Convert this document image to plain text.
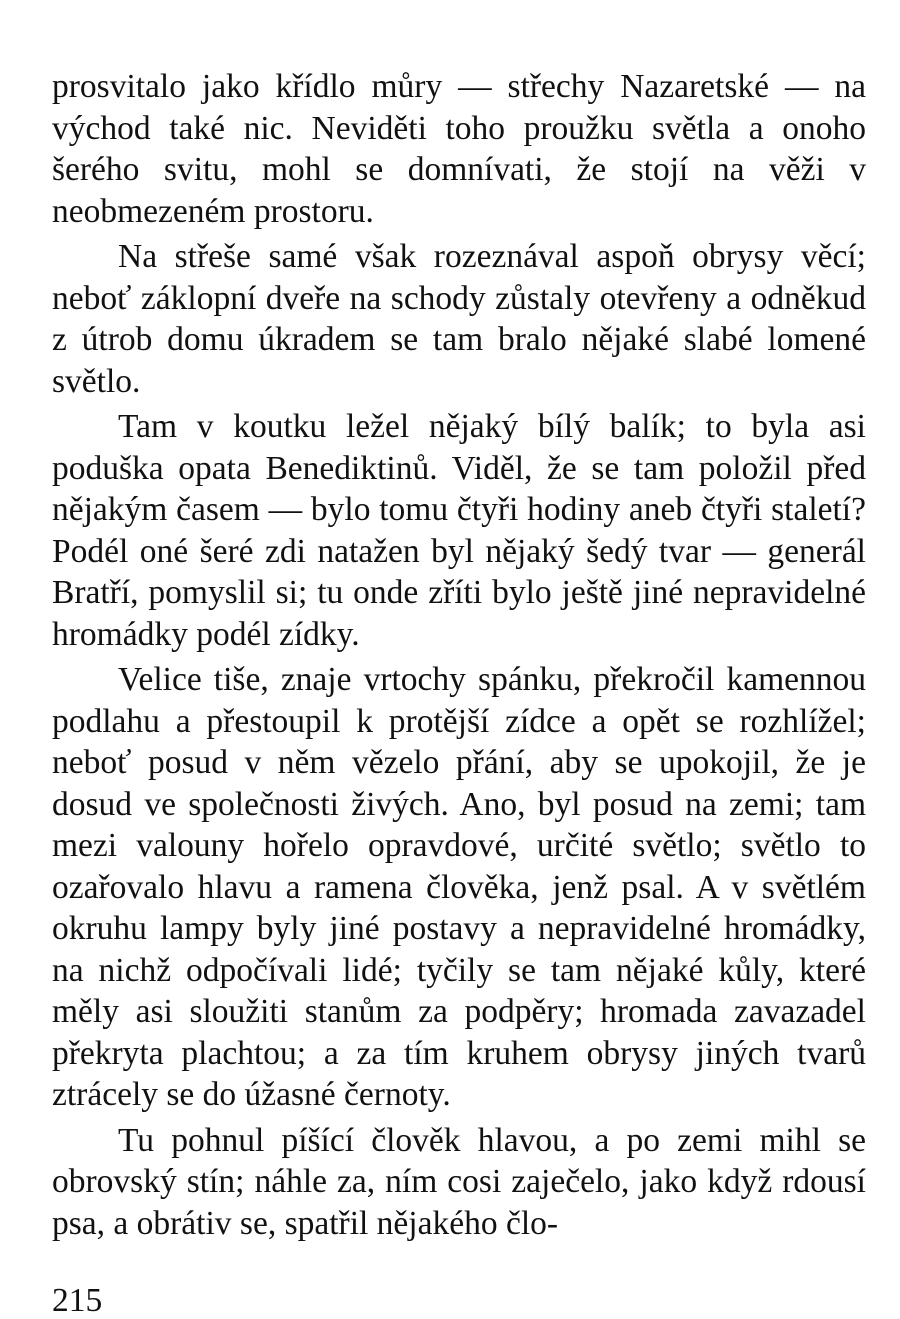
prosvitalo jako křídlo můry — střechy Nazaretské — na východ také nic. Neviděti toho proužku světla a onoho šerého svitu, mohl se domnívati, že stojí na věži v neobmezeném prostoru.

Na střeše samé však rozeznával aspoň obrysy věcí; neboť záklopní dveře na schody zůstaly otevřeny a odněkud z útrob domu úkradem se tam bralo nějaké slabé lomené světlo.

Tam v koutku ležel nějaký bílý balík; to byla asi poduška opata Benediktinů. Viděl, že se tam položil před nějakým časem — bylo tomu čtyři hodiny aneb čtyři staletí? Podél oné šeré zdi natažen byl nějaký šedý tvar — generál Bratří, pomyslil si; tu onde zříti bylo ještě jiné nepravidelné hromádky podél zídky.

Velice tiše, znaje vrtochy spánku, překročil kamennou podlahu a přestoupil k protější zídce a opět se rozhlížel; neboť posud v něm vězelo přání, aby se upokojil, že je dosud ve společnosti živých. Ano, byl posud na zemi; tam mezi valouny hořelo opravdové, určité světlo; světlo to ozařovalo hlavu a ramena člověka, jenž psal. A v světlém okruhu lampy byly jiné postavy a nepravidelné hromádky, na nichž odpočívali lidé; tyčily se tam nějaké kůly, které měly asi sloužiti stanům za podpěry; hromada zavazadel překryta plachtou; a za tím kruhem obrysy jiných tvarů ztrácely se do úžasné černoty.

Tu pohnul píšící člověk hlavou, a po zemi mihl se obrovský stín; náhle za, ním cosi zaječelo, jako když rdousí psa, a obrátiv se, spatřil nějakého člo-

215
